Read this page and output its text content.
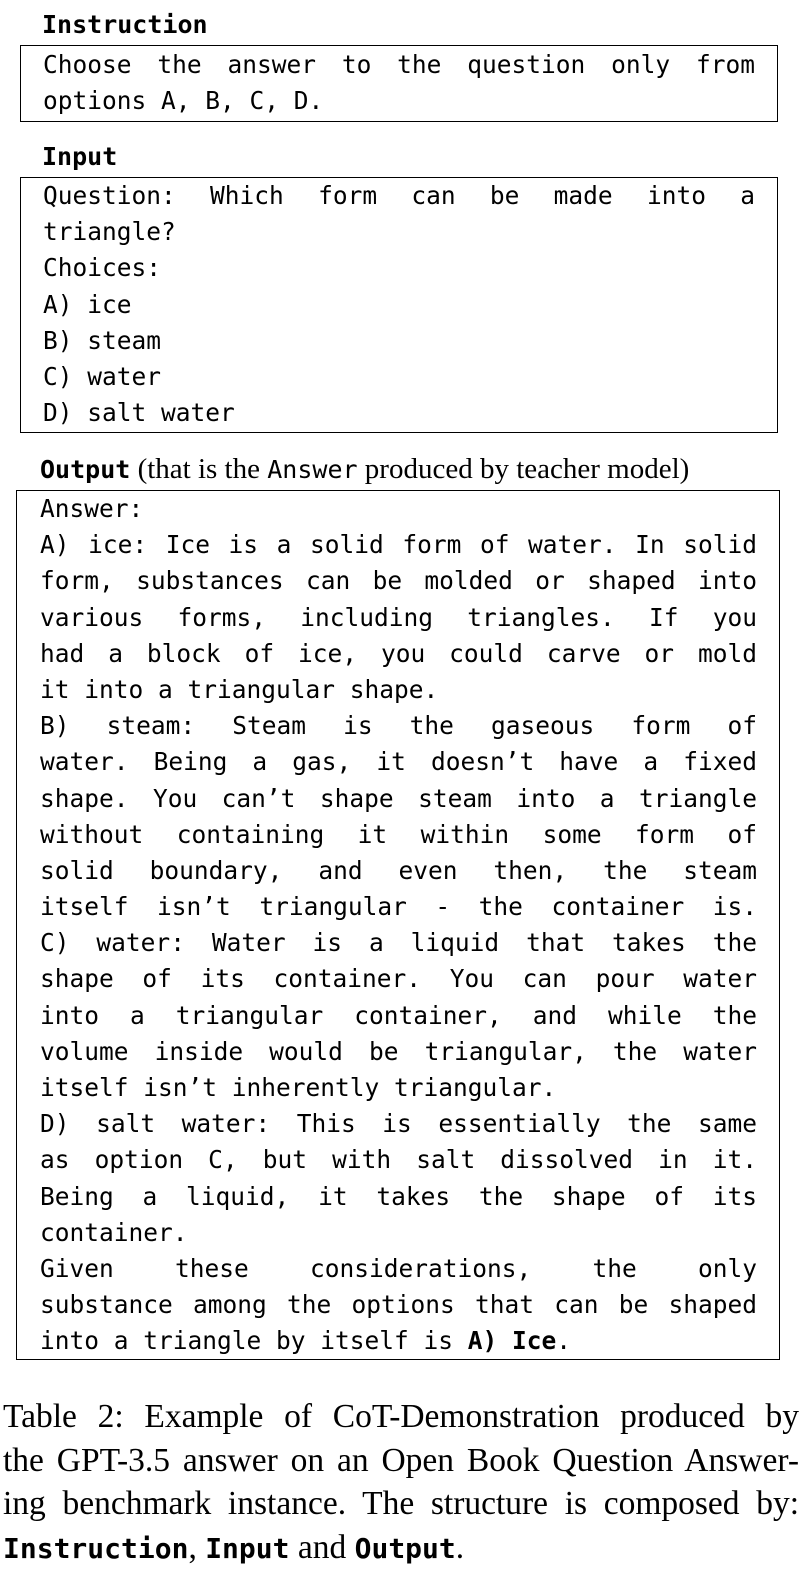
Instruction
Choose the answer to the question only from
options A, B, C, D.
Input
Question: Which form can be made into a
triangle?
Choices:
A) ice
B) steam
C) water
D) salt water
Output (that is the Answer produced by teacher model)
Answer:
A) ice: Ice is a solid form of water. In solid
form, substances can be molded or shaped into
various forms, including triangles. If you
had a block of ice, you could carve or mold
it into a triangular shape.
B) steam: Steam is the gaseous form of
water. Being a gas, it doesn’t have a fixed
shape. You can’t shape steam into a triangle
without containing it within some form of
solid boundary, and even then, the steam
itself isn’t triangular - the container is.
C) water: Water is a liquid that takes the
shape of its container. You can pour water
into a triangular container, and while the
volume inside would be triangular, the water
itself isn’t inherently triangular.
D) salt water: This is essentially the same
as option C, but with salt dissolved in it.
Being a liquid, it takes the shape of its
container.
Given these considerations, the only
substance among the options that can be shaped
into a triangle by itself is A) Ice.
Table 2: Example of CoT-Demonstration produced by
the GPT-3.5 answer on an Open Book Question Answer-
ing benchmark instance. The structure is composed by:
Instruction, Input and Output.
